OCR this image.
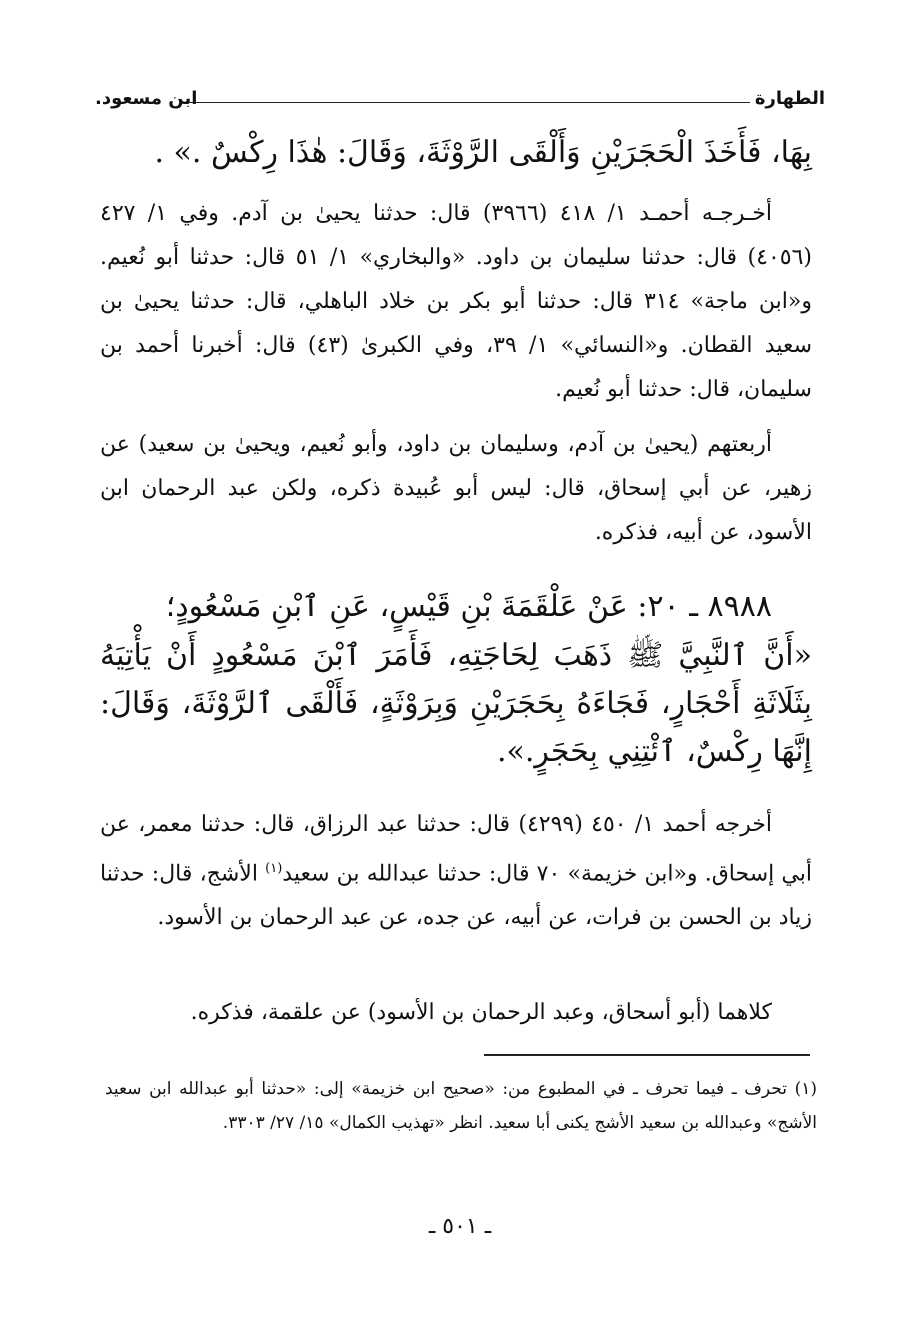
الطهارة
ابن مسعود.
بِهَا، فَأَخَذَ الْحَجَرَيْنِ وَأَلْقَى الرَّوْثَةَ، وَقَالَ: هٰذَا رِكْسٌ .» .
أخـرجـه أحمـد ١/ ٤١٨ (٣٩٦٦) قال: حدثنا يحيىٰ بن آدم. وفي ١/ ٤٢٧ (٤٠٥٦) قال: حدثنا سليمان بن داود. «والبخاري» ١/ ٥١ قال: حدثنا أبو نُعيم. و«ابن ماجة» ٣١٤ قال: حدثنا أبو بكر بن خلاد الباهلي، قال: حدثنا يحيىٰ بن سعيد القطان. و«النسائي» ١/ ٣٩، وفي الكبرىٰ (٤٣) قال: أخبرنا أحمد بن سليمان، قال: حدثنا أبو نُعيم.
أربعتهم (يحيىٰ بن آدم، وسليمان بن داود، وأبو نُعيم، ويحيىٰ بن سعيد) عن زهير، عن أبي إسحاق، قال: ليس أبو عُبيدة ذكره، ولكن عبد الرحمان ابن الأسود، عن أبيه، فذكره.
٨٩٨٨ ـ ٢٠: عَنْ عَلْقَمَةَ بْنِ قَيْسٍ، عَنِ ٱبْنِ مَسْعُودٍ؛
«أَنَّ ٱلنَّبِيَّ ﷺ ذَهَبَ لِحَاجَتِهِ، فَأَمَرَ ٱبْنَ مَسْعُودٍ أَنْ يَأْتِيَهُ بِثَلَاثَةِ أَحْجَارٍ، فَجَاءَهُ بِحَجَرَيْنِ وَبِرَوْثَةٍ، فَأَلْقَى ٱلرَّوْثَةَ، وَقَالَ: إِنَّهَا رِكْسٌ، ٱئْتِنِي بِحَجَرٍ.».
أخرجه أحمد ١/ ٤٥٠ (٤٢٩٩) قال: حدثنا عبد الرزاق، قال: حدثنا معمر، عن أبي إسحاق. و«ابن خزيمة» ٧٠ قال: حدثنا عبدالله بن سعيد$^{(١)}$ الأشج، قال: حدثنا زياد بن الحسن بن فرات، عن أبيه، عن جده، عن عبد الرحمان بن الأسود.
كلاهما (أبو أسحاق، وعبد الرحمان بن الأسود) عن علقمة، فذكره.
(١) تحرف ـ فيما تحرف ـ في المطبوع من: «صحيح ابن خزيمة» إلى: «حدثنا أبو عبدالله ابن سعيد الأشج» وعبدالله بن سعيد الأشج يكنى أبا سعيد. انظر «تهذيب الكمال» ١٥/ ٢٧/ ٣٣٠٣.
ـ ٥٠١ ـ
